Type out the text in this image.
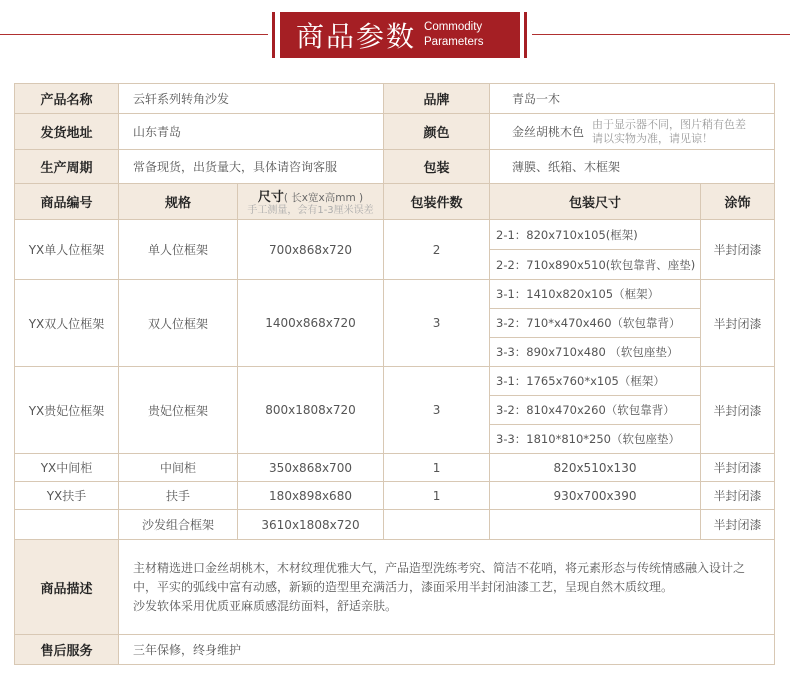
商品参数 Commodity
Parameters
产品名称	云轩系列转角沙发		品牌	青岛一木	
发货地址	山东青岛		颜色	金丝胡桃木色
由于显示器不同，图片稍有色差
请以实物为准，请见谅！	

生产周期	常备现货，出货量大，具体请咨询客服		包装	薄膜、纸箱、木框架	
商品编号	规格	尺寸( 长x宽x高mm )
手工测量，会有1-3厘米误差	包装件数	包装尺寸	涂饰
YX单人位框架	单人位框架	700x868x720	2	2-1：820x710x105(框架)	半封闭漆
				2-2：710x890x510(软包靠背、座垫)	
YX双人位框架	双人位框架	1400x868x720	3	3-1：1410x820x105（框架）	半封闭漆
				3-2：710*x470x460（软包靠背）	
				3-3：890x710x480 （软包座垫）	
YX贵妃位框架	贵妃位框架	800x1808x720	3	3-1：1765x760*x105（框架）	半封闭漆
				3-2：810x470x260（软包靠背）	
				3-3：1810*810*250（软包座垫）	
YX中间柜	中间柜	350x868x700	1	820x510x130	半封闭漆
YX扶手	扶手	180x898x680	1	930x700x390	半封闭漆
	沙发组合框架	3610x1808x720			半封闭漆
商品描述	主材精选进口金丝胡桃木，木材纹理优雅大气，产品造型洗练考究、简洁不花哨，将元素形态与传统情感融入设计之中，平实的弧线中富有动感，新颖的造型里充满活力，漆面采用半封闭油漆工艺，呈现自然木质纹理。
沙发软体采用优质亚麻质感混纺面料，舒适亲肤。				

售后服务	三年保修，终身维护				
